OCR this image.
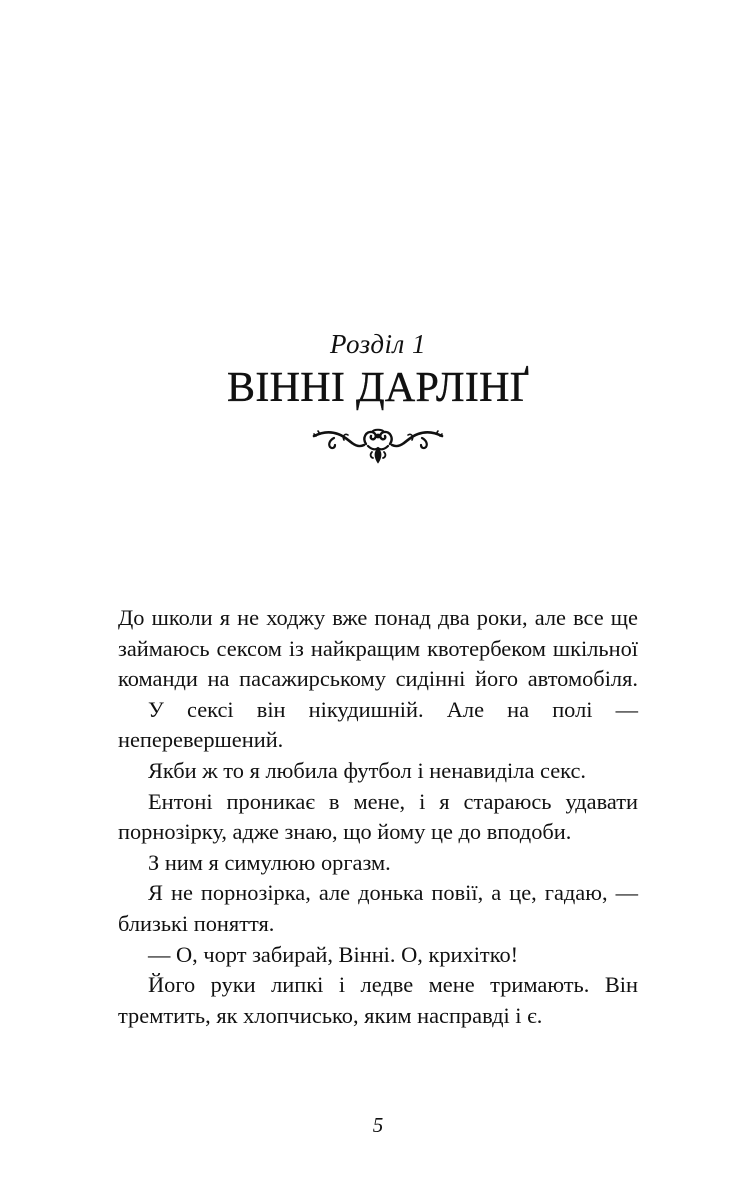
Розділ 1
ВІННІ ДАРЛІНҐ

До школи я не ходжу вже понад два роки, але все ще займаюсь сексом із найкращим квотербеком шкільної команди на пасажирському сидінні його автомобіля.

У сексі він нікудишній. Але на полі — неперевершений.

Якби ж то я любила футбол і ненавиділа секс.

Ентоні проникає в мене, і я стараюсь удавати порнозірку, адже знаю, що йому це до вподоби.

З ним я симулюю оргазм.

Я не порнозірка, але донька повії, а це, гадаю, — близькі поняття.

— О, чорт забирай, Вінні. О, крихітко!

Його руки липкі і ледве мене тримають. Він тремтить, як хлопчисько, яким насправді і є.

5
